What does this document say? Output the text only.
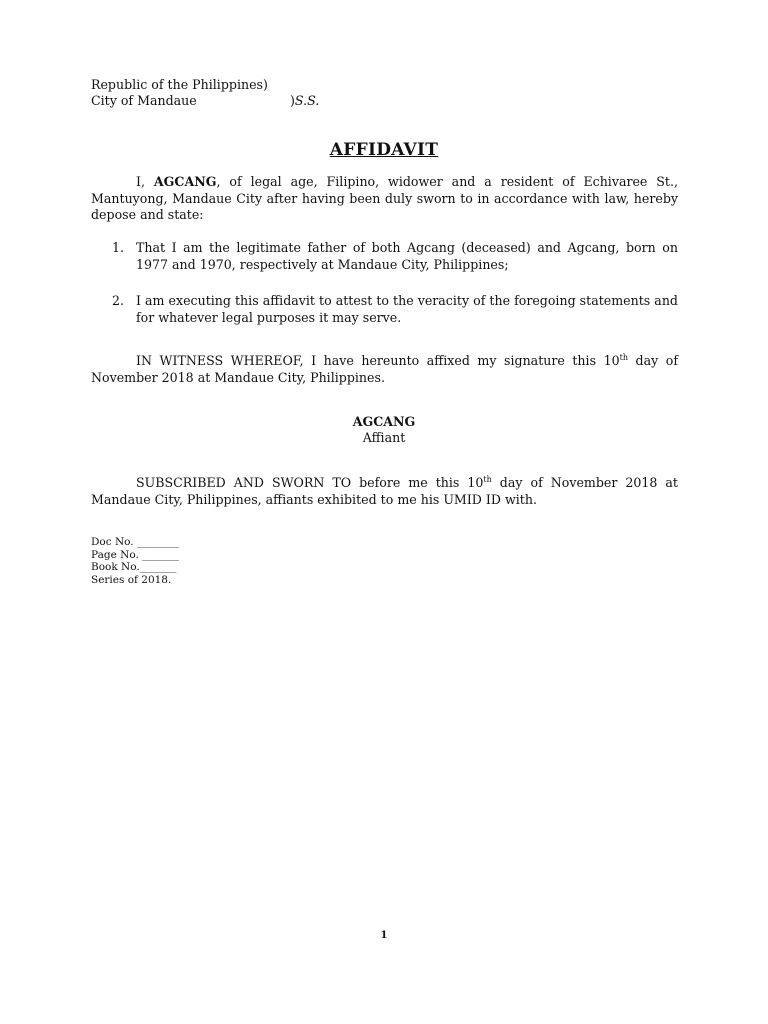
Republic of the Philippines)
City of Mandaue	)S.S.
AFFIDAVIT
I, AGCANG, of legal age, Filipino, widower and a resident of Echivaree St., Mantuyong, Mandaue City after having been duly sworn to in accordance with law, hereby depose and state:
1. That I am the legitimate father of both Agcang (deceased) and Agcang, born on 1977 and 1970, respectively at Mandaue City, Philippines;
2. I am executing this affidavit to attest to the veracity of the foregoing statements and for whatever legal purposes it may serve.
IN WITNESS WHEREOF, I have hereunto affixed my signature this 10th day of November 2018 at Mandaue City, Philippines.
AGCANG
Affiant
SUBSCRIBED AND SWORN TO before me this 10th day of November 2018 at Mandaue City, Philippines, affiants exhibited to me his UMID ID with.
Doc No. ________
Page No. _______
Book No._______
Series of 2018.
1
